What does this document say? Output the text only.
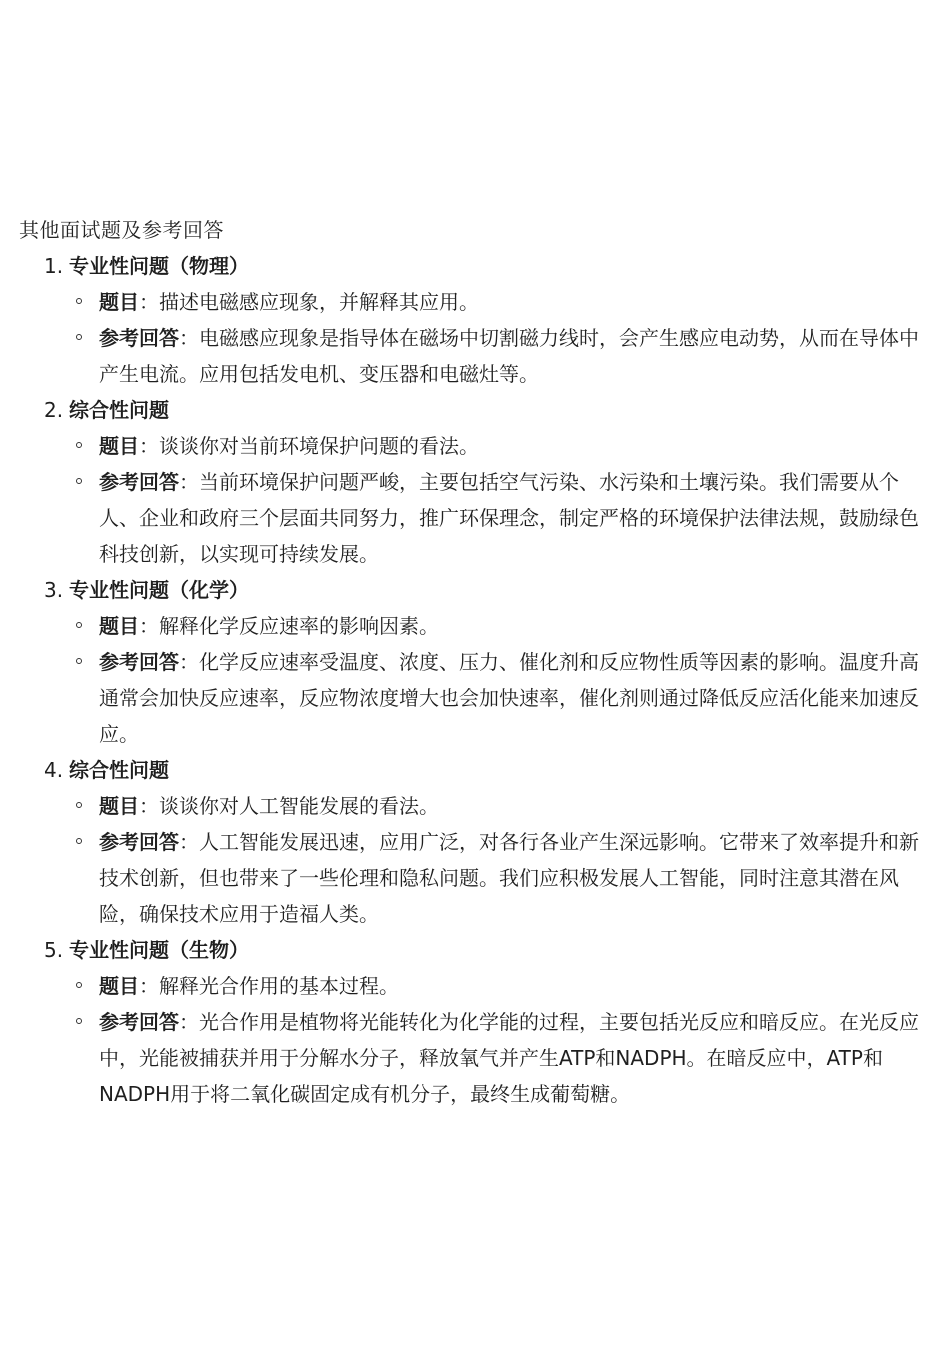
其他面试题及参考回答
1. 专业性问题（物理）
题目：描述电磁感应现象，并解释其应用。
参考回答：电磁感应现象是指导体在磁场中切割磁力线时，会产生感应电动势，从而在导体中产生电流。应用包括发电机、变压器和电磁灶等。
2. 综合性问题
题目：谈谈你对当前环境保护问题的看法。
参考回答：当前环境保护问题严峻，主要包括空气污染、水污染和土壤污染。我们需要从个人、企业和政府三个层面共同努力，推广环保理念，制定严格的环境保护法律法规，鼓励绿色科技创新，以实现可持续发展。
3. 专业性问题（化学）
题目：解释化学反应速率的影响因素。
参考回答：化学反应速率受温度、浓度、压力、催化剂和反应物性质等因素的影响。温度升高通常会加快反应速率，反应物浓度增大也会加快速率，催化剂则通过降低反应活化能来加速反应。
4. 综合性问题
题目：谈谈你对人工智能发展的看法。
参考回答：人工智能发展迅速，应用广泛，对各行各业产生深远影响。它带来了效率提升和新技术创新，但也带来了一些伦理和隐私问题。我们应积极发展人工智能，同时注意其潜在风险，确保技术应用于造福人类。
5. 专业性问题（生物）
题目：解释光合作用的基本过程。
参考回答：光合作用是植物将光能转化为化学能的过程，主要包括光反应和暗反应。在光反应中，光能被捕获并用于分解水分子，释放氧气并产生ATP和NADPH。在暗反应中，ATP和NADPH用于将二氧化碳固定成有机分子，最终生成葡萄糖。
